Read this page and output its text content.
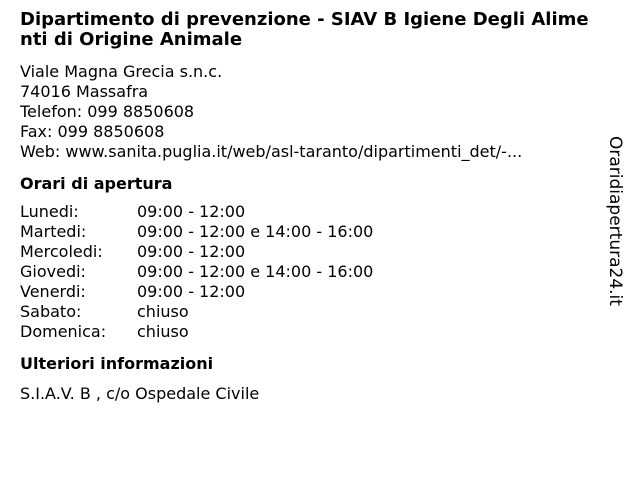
Dipartimento di prevenzione - SIAV B Igiene Degli Alimenti di Origine Animale
Viale Magna Grecia s.n.c.
74016 Massafra
Telefon: 099 8850608
Fax: 099 8850608
Web: www.sanita.puglia.it/web/asl-taranto/dipartimenti_det/-...
Orari di apertura
Lunedi:	09:00 - 12:00
Martedi:	09:00 - 12:00 e 14:00 - 16:00
Mercoledi:	09:00 - 12:00
Giovedi:	09:00 - 12:00 e 14:00 - 16:00
Venerdi:	09:00 - 12:00
Sabato:	chiuso
Domenica:	chiuso
Ulteriori informazioni
S.I.A.V. B , c/o Ospedale Civile
Oraridiapertura24.it
